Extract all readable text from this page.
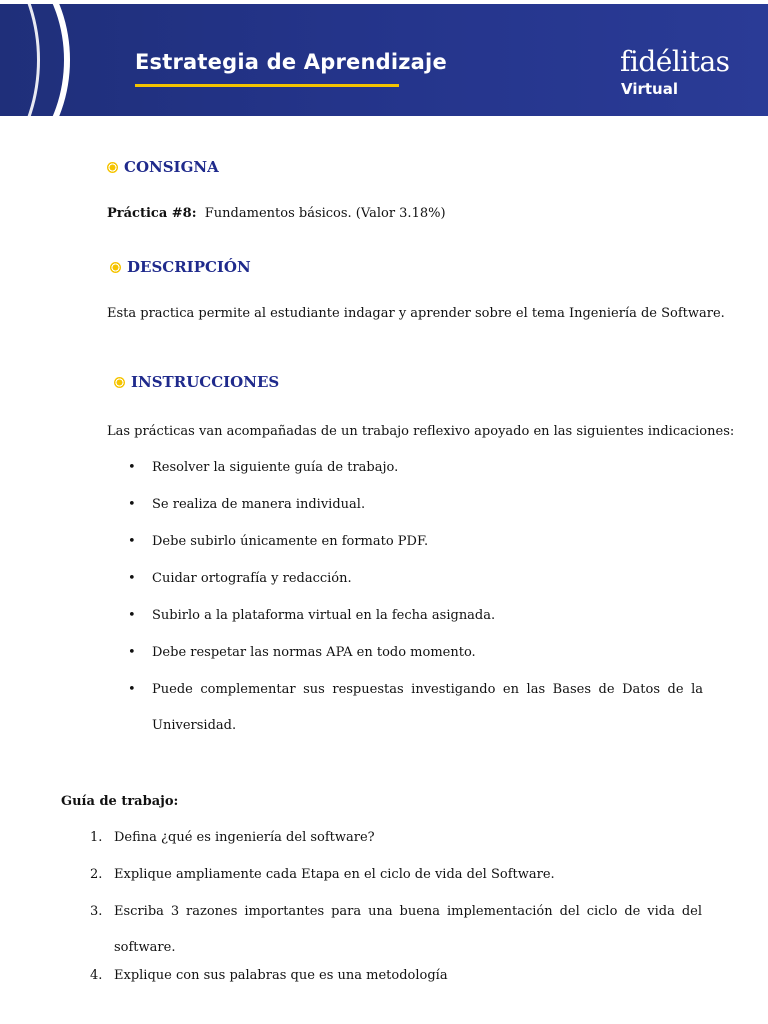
Estrategia de Aprendizaje	fidélitas
Virtual
CONSIGNA
Práctica #8: Fundamentos básicos. (Valor 3.18%)
DESCRIPCIÓN
Esta practica permite al estudiante indagar y aprender sobre el tema Ingeniería de Software.
INSTRUCCIONES
Las prácticas van acompañadas de un trabajo reflexivo apoyado en las siguientes indicaciones:
• Resolver la siguiente guía de trabajo.
• Se realiza de manera individual.
• Debe subirlo únicamente en formato PDF.
• Cuidar ortografía y redacción.
• Subirlo a la plataforma virtual en la fecha asignada.
• Debe respetar las normas APA en todo momento.
• Puede complementar sus respuestas investigando en las Bases de Datos de la Universidad.
Guía de trabajo:
1. Defina ¿qué es ingeniería del software?
2. Explique ampliamente cada Etapa en el ciclo de vida del Software.
3. Escriba 3 razones importantes para una buena implementación del ciclo de vida del software.
4. Explique con sus palabras que es una metodología
